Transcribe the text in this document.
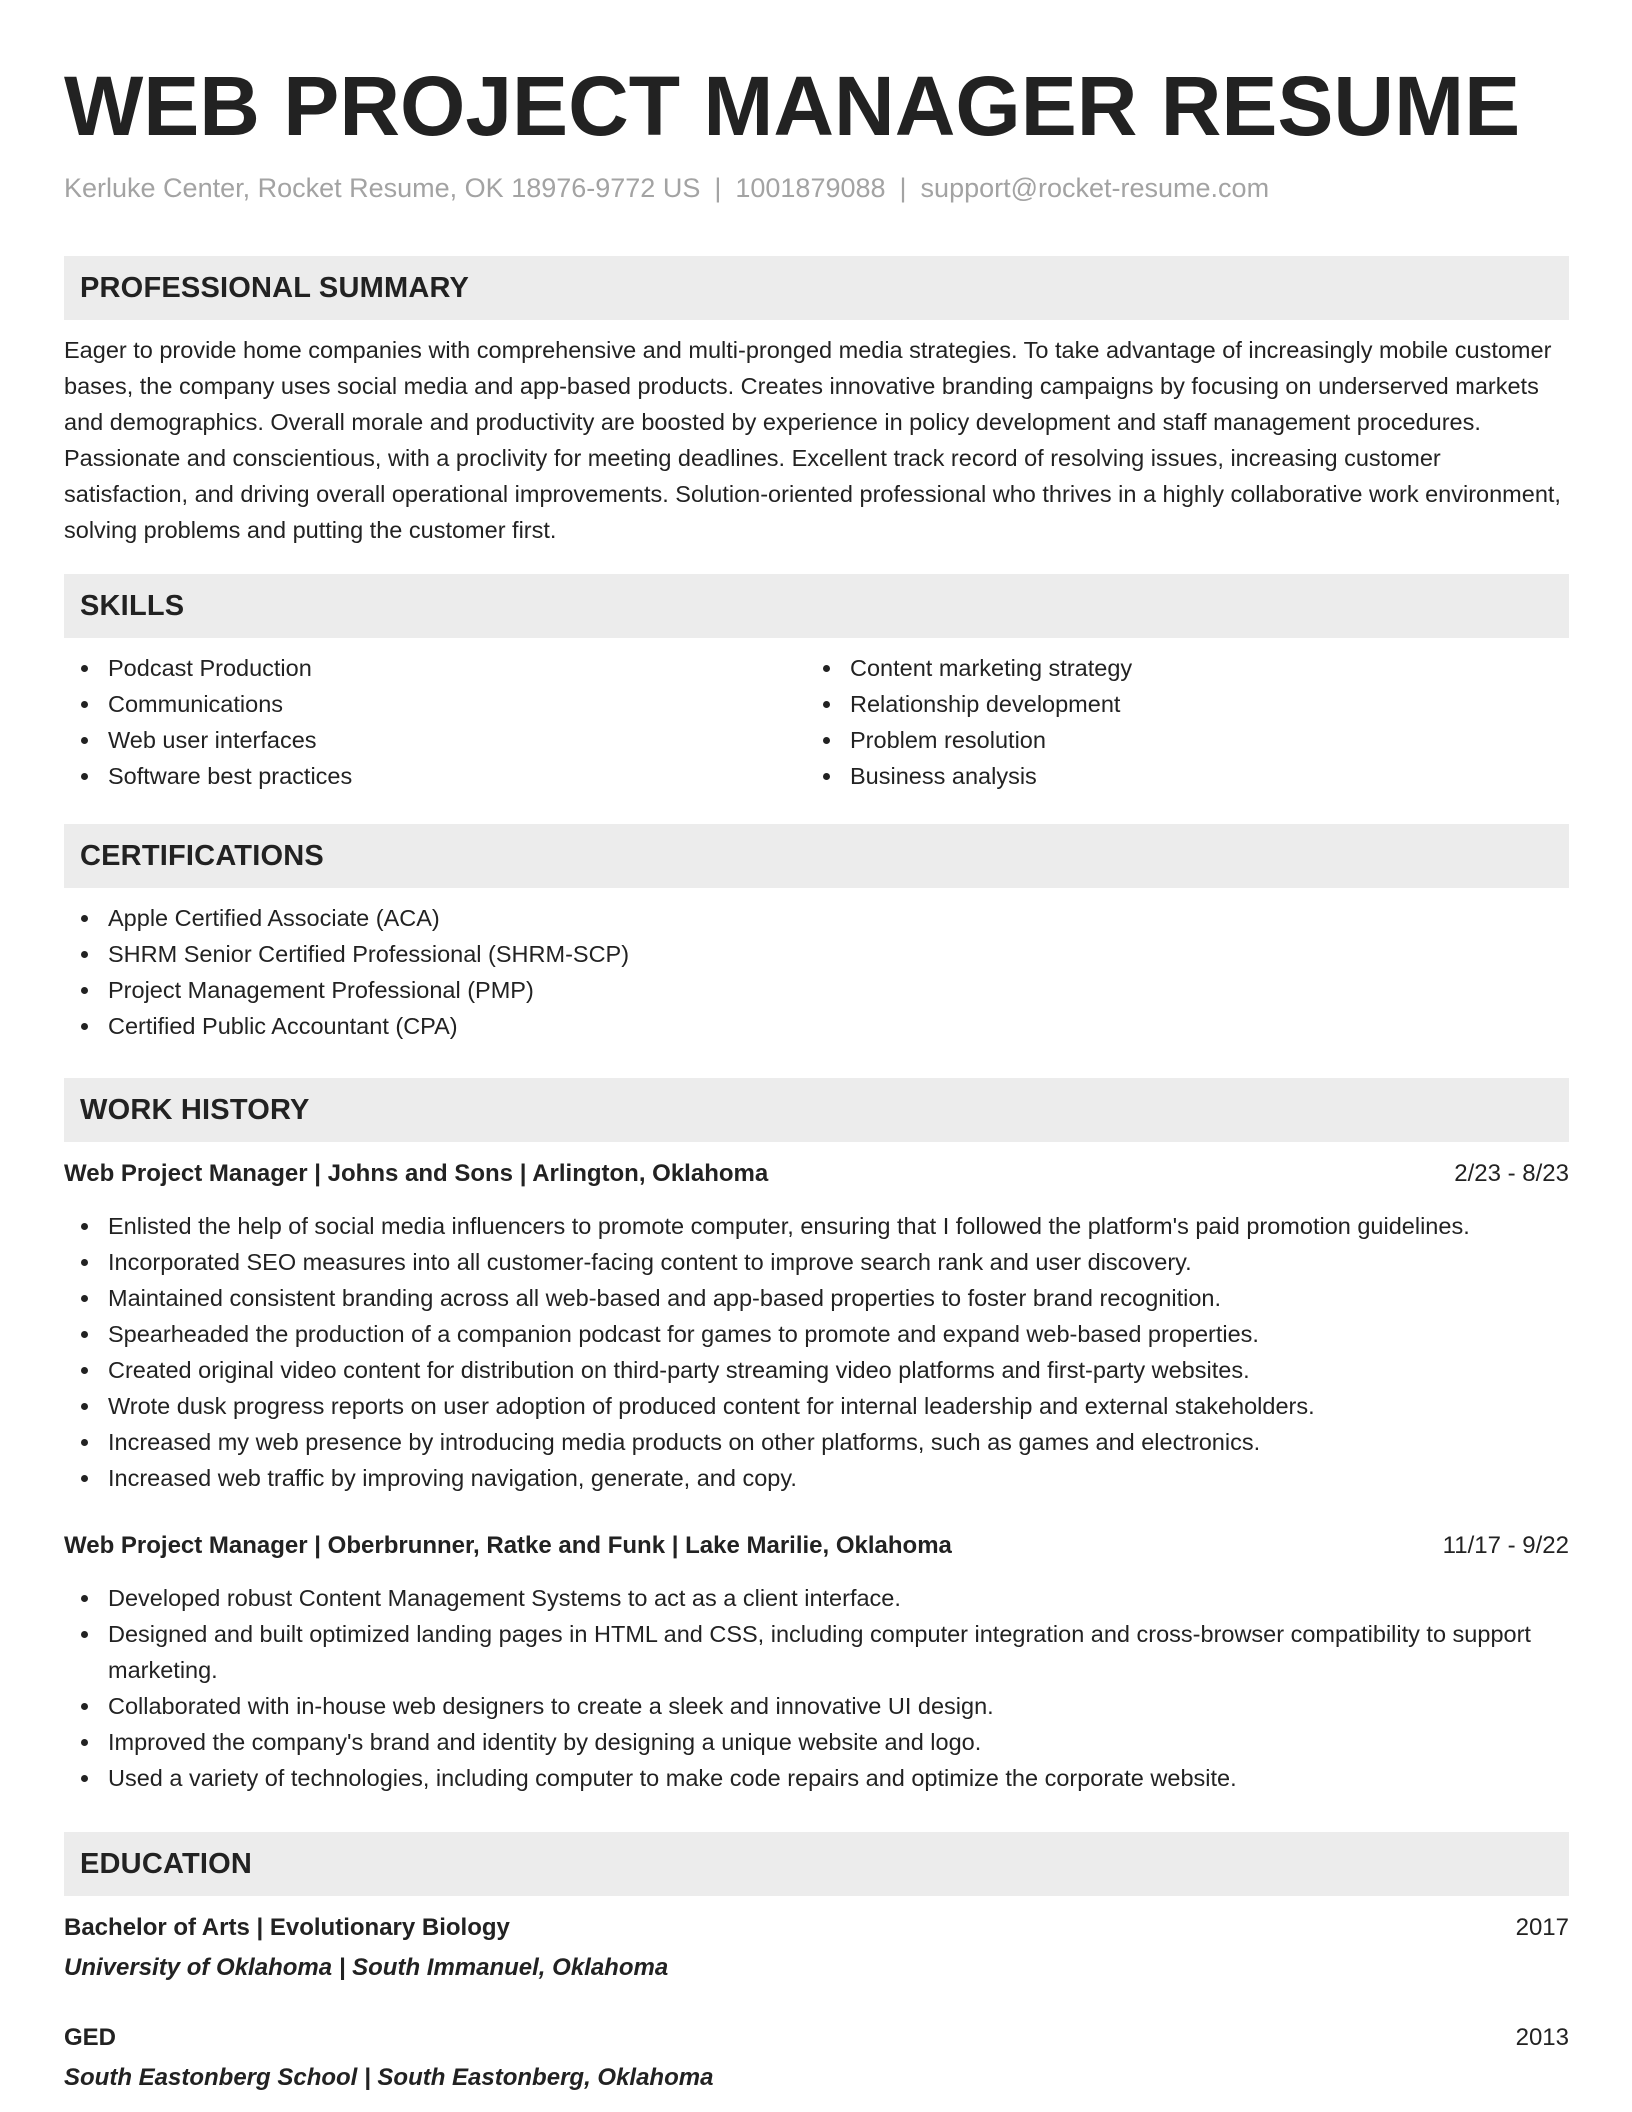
WEB PROJECT MANAGER RESUME
Kerluke Center, Rocket Resume, OK 18976-9772 US | 1001879088 | support@rocket-resume.com
PROFESSIONAL SUMMARY
Eager to provide home companies with comprehensive and multi-pronged media strategies. To take advantage of increasingly mobile customer bases, the company uses social media and app-based products. Creates innovative branding campaigns by focusing on underserved markets and demographics. Overall morale and productivity are boosted by experience in policy development and staff management procedures. Passionate and conscientious, with a proclivity for meeting deadlines. Excellent track record of resolving issues, increasing customer satisfaction, and driving overall operational improvements. Solution-oriented professional who thrives in a highly collaborative work environment, solving problems and putting the customer first.
SKILLS
Podcast Production
Communications
Web user interfaces
Software best practices
Content marketing strategy
Relationship development
Problem resolution
Business analysis
CERTIFICATIONS
Apple Certified Associate (ACA)
SHRM Senior Certified Professional (SHRM-SCP)
Project Management Professional (PMP)
Certified Public Accountant (CPA)
WORK HISTORY
Web Project Manager | Johns and Sons | Arlington, Oklahoma	2/23 - 8/23
Enlisted the help of social media influencers to promote computer, ensuring that I followed the platform's paid promotion guidelines.
Incorporated SEO measures into all customer-facing content to improve search rank and user discovery.
Maintained consistent branding across all web-based and app-based properties to foster brand recognition.
Spearheaded the production of a companion podcast for games to promote and expand web-based properties.
Created original video content for distribution on third-party streaming video platforms and first-party websites.
Wrote dusk progress reports on user adoption of produced content for internal leadership and external stakeholders.
Increased my web presence by introducing media products on other platforms, such as games and electronics.
Increased web traffic by improving navigation, generate, and copy.
Web Project Manager | Oberbrunner, Ratke and Funk | Lake Marilie, Oklahoma	11/17 - 9/22
Developed robust Content Management Systems to act as a client interface.
Designed and built optimized landing pages in HTML and CSS, including computer integration and cross-browser compatibility to support marketing.
Collaborated with in-house web designers to create a sleek and innovative UI design.
Improved the company's brand and identity by designing a unique website and logo.
Used a variety of technologies, including computer to make code repairs and optimize the corporate website.
EDUCATION
Bachelor of Arts | Evolutionary Biology	2017
University of Oklahoma | South Immanuel, Oklahoma
GED	2013
South Eastonberg School | South Eastonberg, Oklahoma
